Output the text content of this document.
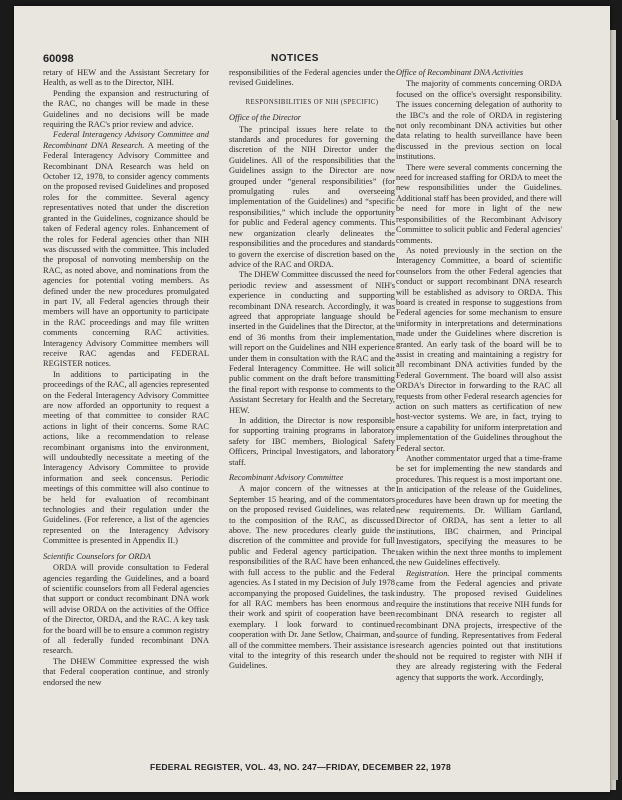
60098	NOTICES

retary of HEW and the Assistant Secretary for Health, as well as to the Director, NIH.

Pending the expansion and restructuring of the RAC, no changes will be made in these Guidelines and no decisions will be made requiring the RAC's prior review and advice.

Federal Interagency Advisory Committee and Recombinant DNA Research. A meeting of the Federal Interagency Advisory Committee and Recombinant DNA Research was held on October 12, 1978, to consider agency comments on the proposed revised Guidelines and proposed roles for the committee. Several agency representatives noted that under the discretion granted in the Guidelines, cognizance should be taken of Federal agency roles. Enhancement of the roles for Federal agencies other than NIH was discussed with the committee. This included the proposal of nonvoting membership on the RAC, as noted above, and nominations from the agencies for potential voting members. As defined under the new procedures promulgated in part IV, all Federal agencies through their members will have an opportunity to participate in the RAC proceedings and may file written comments concerning RAC activities. Interagency Advisory Committee members will receive RAC agendas and FEDERAL REGISTER notices.

In additions to participating in the proceedings of the RAC, all agencies represented on the Federal Interagency Advisory Committee are now afforded an opportunity to request a meeting of that committee to consider RAC actions in light of their concerns. Some RAC actions, like a recommendation to release recombinant organisms into the environment, will undoubtedly necessitate a meeting of the Interagency Advisory Committee to provide information and seek concensus. Periodic meetings of this committee will also continue to be held for evaluation of recombinant technologies and their regulation under the Guidelines. (For reference, a list of the agencies represented on the Interagency Advisory Committee is presented in Appendix II.)

Scientific Counselors for ORDA

ORDA will provide consultation to Federal agencies regarding the Guidelines, and a board of scientific counselors from all Federal agencies that support or conduct recombinant DNA work will advise ORDA on the activities of the Office of the Director, ORDA, and the RAC. A key task for the board will be to ensure a common registry of all federally funded recombinant DNA research.

The DHEW Committee expressed the wish that Federal cooperation continue, and stronly endorsed the new

responsibilities of the Federal agencies under the revised Guidelines.

RESPONSIBILITIES OF NIH (SPECIFIC)

Office of the Director

The principal issues here relate to the standards and procedures for governing the discretion of the NIH Director under the Guidelines. All of the responsibilities that the Guidelines assign to the Director are now grouped under “general responsibilities” (for promulgating rules and overseeing implementation of the Guidelines) and “specific responsibilities,” which include the opportunity for public and Federal agency comments. This new organization clearly delineates the responsibilities and the procedures and standards to govern the exercise of discretion based on the advice of the RAC and ORDA.

The DHEW Committee discussed the need for periodic review and assessment of NIH's experience in conducting and supporting recombinant DNA research. Accordingly, it was agreed that appropriate language should be inserted in the Guidelines that the Director, at the end of 36 months from their implementation, will report on the Guidelines and NIH experience under them in consultation with the RAC and the Federal Interagency Committee. He will solicit public comment on the draft before transmitting the final report with response to comments to the Assistant Secretary for Health and the Secretary, HEW.

In addition, the Director is now responsible for supporting training programs in laboratory safety for IBC members, Biological Safety Officers, Principal Investigators, and laboratory staff.

Recombinant Advisory Committee

A major concern of the witnesses at the September 15 hearing, and of the commentators on the proposed revised Guidelines, was related to the composition of the RAC, as discussed above. The new procedures clearly guide the discretion of the committee and provide for full public and Federal agency participation. The responsibilities of the RAC have been enhanced, with full access to the public and the Federal agencies. As I stated in my Decision of July 1978 accompanying the proposed Guidelines, the task for all RAC members has been enormous and their work and spirit of cooperation have been exemplary. I look forward to continued cooperation with Dr. Jane Setlow, Chairman, and all of the committee members. Their assistance is vital to the integrity of this research under the Guidelines.

Office of Recombinant DNA Activities

The majority of comments concerning ORDA focused on the office's oversight responsibility. The issues concerning delegation of authority to the IBC's and the role of ORDA in registering not only recombinant DNA activities but other data relating to health surveillance have been discussed in the previous section on local institutions.

There were several comments concerning the need for increased staffing for ORDA to meet the new responsibilities under the Guidelines. Additional staff has been provided, and there will be need for more in light of the new responsibilities of the Recombinant Advisory Committee to solicit public and Federal agencies' comments.

As noted previously in the section on the Interagency Committee, a board of scientific counselors from the other Federal agencies that conduct or support recombinant DNA research will be established as advisory to ORDA. This board is created in response to suggestions from Federal agencies for some mechanism to ensure uniformity in interpretations and determinations made under the Guidelines where discretion is granted. An early task of the board will be to assist in creating and maintaining a registry for all recombinant DNA activities funded by the Federal Government. The board will also assist ORDA's Director in forwarding to the RAC all requests from other Federal research agencies for action on such matters as certification of new host-vector systems. We are, in fact, trying to ensure a capability for uniform interpretation and implementation of the Guidelines throughout the Federal sector.

Another commentator urged that a time-frame be set for implementing the new standards and procedures. This request is a most important one. In anticipation of the release of the Guidelines, procedures have been drawn up for meeting the new requirements. Dr. William Gartland, Director of ORDA, has sent a letter to all institutions, IBC chairmen, and Principal Investigators, specifying the measures to be taken within the next three months to implement the new Guidelines effectively.

Registration. Here the principal comments came from the Federal agencies and private industry. The proposed revised Guidelines require the institutions that receive NIH funds for recombinant DNA research to register all recombinant DNA projects, irrespective of the source of funding. Representatives from Federal research agencies pointed out that institutions should not be required to register with NIH if they are already registering with the Federal agency that supports the work. Accordingly,

FEDERAL REGISTER, VOL. 43, NO. 247—FRIDAY, DECEMBER 22, 1978
